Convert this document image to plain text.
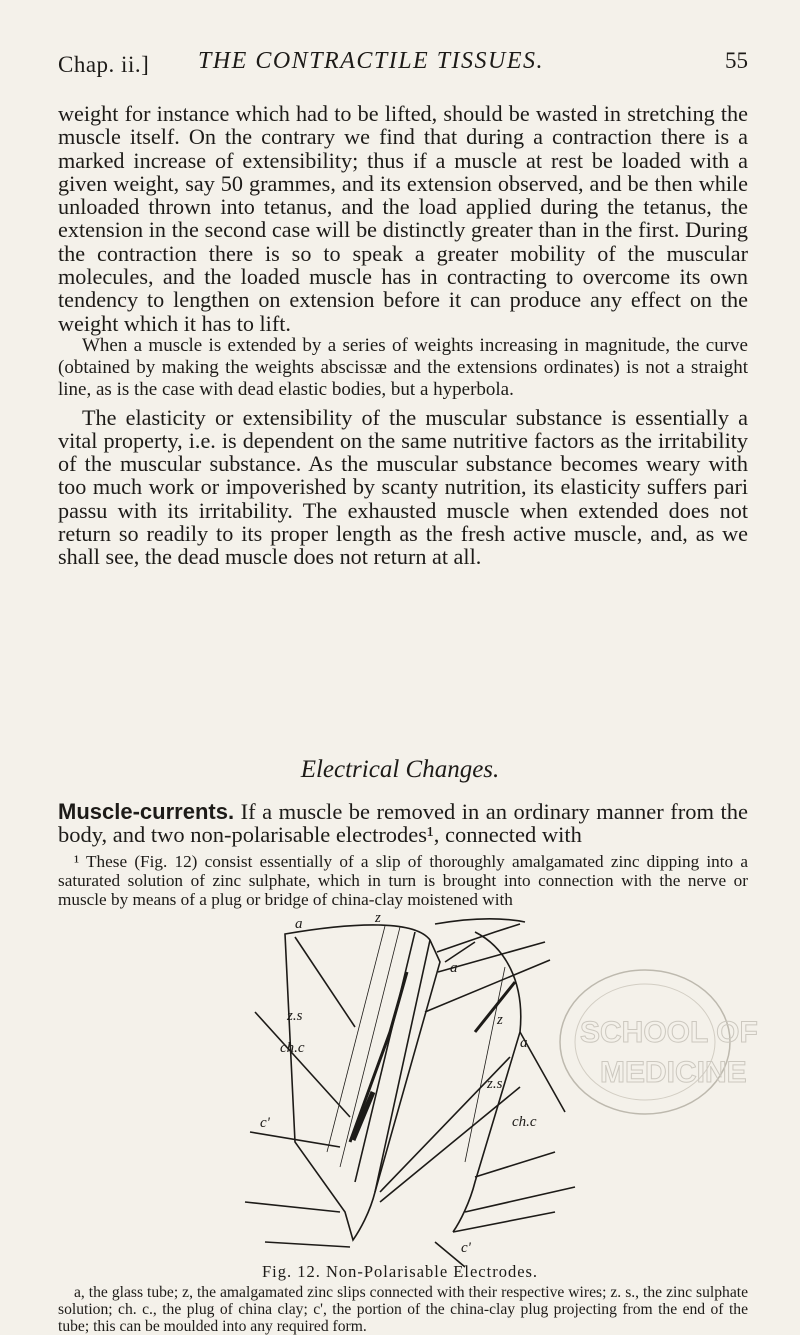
Chap. ii.] THE CONTRACTILE TISSUES.	55

weight for instance which had to be lifted, should be wasted in stretching the muscle itself. On the contrary we find that during a contraction there is a marked increase of extensibility; thus if a muscle at rest be loaded with a given weight, say 50 grammes, and its extension observed, and be then while unloaded thrown into tetanus, and the load applied during the tetanus, the extension in the second case will be distinctly greater than in the first. During the contraction there is so to speak a greater mobility of the muscular molecules, and the loaded muscle has in contracting to overcome its own tendency to lengthen on extension before it can produce any effect on the weight which it has to lift.

When a muscle is extended by a series of weights increasing in magnitude, the curve (obtained by making the weights abscissæ and the extensions ordinates) is not a straight line, as is the case with dead elastic bodies, but a hyperbola.

The elasticity or extensibility of the muscular substance is essentially a vital property, i.e. is dependent on the same nutritive factors as the irritability of the muscular substance. As the muscular substance becomes weary with too much work or impoverished by scanty nutrition, its elasticity suffers pari passu with its irritability. The exhausted muscle when extended does not return so readily to its proper length as the fresh active muscle, and, as we shall see, the dead muscle does not return at all.

Electrical Changes.

Muscle-currents. If a muscle be removed in an ordinary manner from the body, and two non-polarisable electrodes¹, connected with

¹ These (Fig. 12) consist essentially of a slip of thoroughly amalgamated zinc dipping into a saturated solution of zinc sulphate, which in turn is brought into connection with the nerve or muscle by means of a plug or bridge of china-clay moistened with

SCHOOL OF
MEDICINE
a	z
a
z.s
ch.c
c'
z
a
z.s
ch.c
c'
Fig. 12. Non-Polarisable Electrodes.

a, the glass tube; z, the amalgamated zinc slips connected with their respective wires; z. s., the zinc sulphate solution; ch. c., the plug of china clay; c', the portion of the china-clay plug projecting from the end of the tube; this can be moulded into any required form.
